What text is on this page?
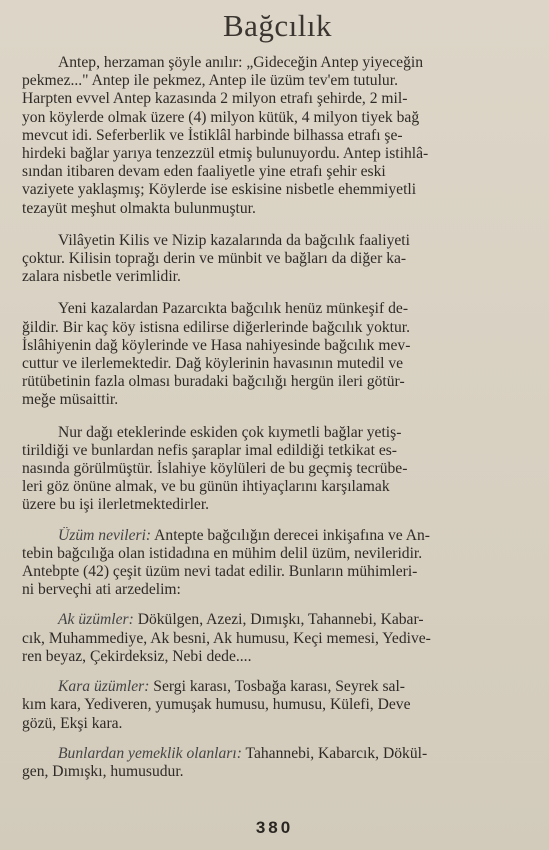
Bağcılık

Antep, herzaman şöyle anılır: „Gideceğin Antep yiyeceğin
pekmez..." Antep ile pekmez, Antep ile üzüm tev'em tutulur.
Harpten evvel Antep kazasında 2 milyon etrafı şehirde, 2 mil-
yon köylerde olmak üzere (4) milyon kütük, 4 milyon tiyek bağ
mevcut idi. Seferberlik ve İstiklâl harbinde bilhassa etrafı şe-
hirdeki bağlar yarıya tenzezzül etmiş bulunuyordu. Antep istihlâ-
sından itibaren devam eden faaliyetle yine etrafı şehir eski
vaziyete yaklaşmış; Köylerde ise eskisine nisbetle ehemmiyetli
tezayüt meşhut olmakta bulunmuştur.

Vilâyetin Kilis ve Nizip kazalarında da bağcılık faaliyeti
çoktur. Kilisin toprağı derin ve münbit ve bağları da diğer ka-
zalara nisbetle verimlidir.

Yeni kazalardan Pazarcıkta bağcılık henüz münkeşif de-
ğildir. Bir kaç köy istisna edilirse diğerlerinde bağcılık yoktur.
İslâhiyenin dağ köylerinde ve Hasa nahiyesinde bağcılık mev-
cuttur ve ilerlemektedir. Dağ köylerinin havasının mutedil ve
rütübetinin fazla olması buradaki bağcılığı hergün ileri götür-
meğe müsaittir.

Nur dağı eteklerinde eskiden çok kıymetli bağlar yetiş-
tirildiği ve bunlardan nefis şaraplar imal edildiği tetkikat es-
nasında görülmüştür. İslahiye köylüleri de bu geçmiş tecrübe-
leri göz önüne almak, ve bu günün ihtiyaçlarını karşılamak
üzere bu işi ilerletmektedirler.

Üzüm nevileri: Antepte bağcılığın derecei inkişafına ve An-
tebin bağcılığa olan istidadına en mühim delil üzüm, nevileridir.
Antebpte (42) çeşit üzüm nevi tadat edilir. Bunların mühimleri-
ni berveçhi ati arzedelim:

Ak üzümler: Dökülgen, Azezi, Dımışkı, Tahannebi, Kabar-
cık, Muhammediye, Ak besni, Ak humusu, Keçi memesi, Yedive-
ren beyaz, Çekirdeksiz, Nebi dede....

Kara üzümler: Sergi karası, Tosbağa karası, Seyrek sal-
kım kara, Yediveren, yumuşak humusu, humusu, Külefi, Deve
gözü, Ekşi kara.

Bunlardan yemeklik olanları: Tahannebi, Kabarcık, Dökül-
gen, Dımışkı, humusudur.

380
